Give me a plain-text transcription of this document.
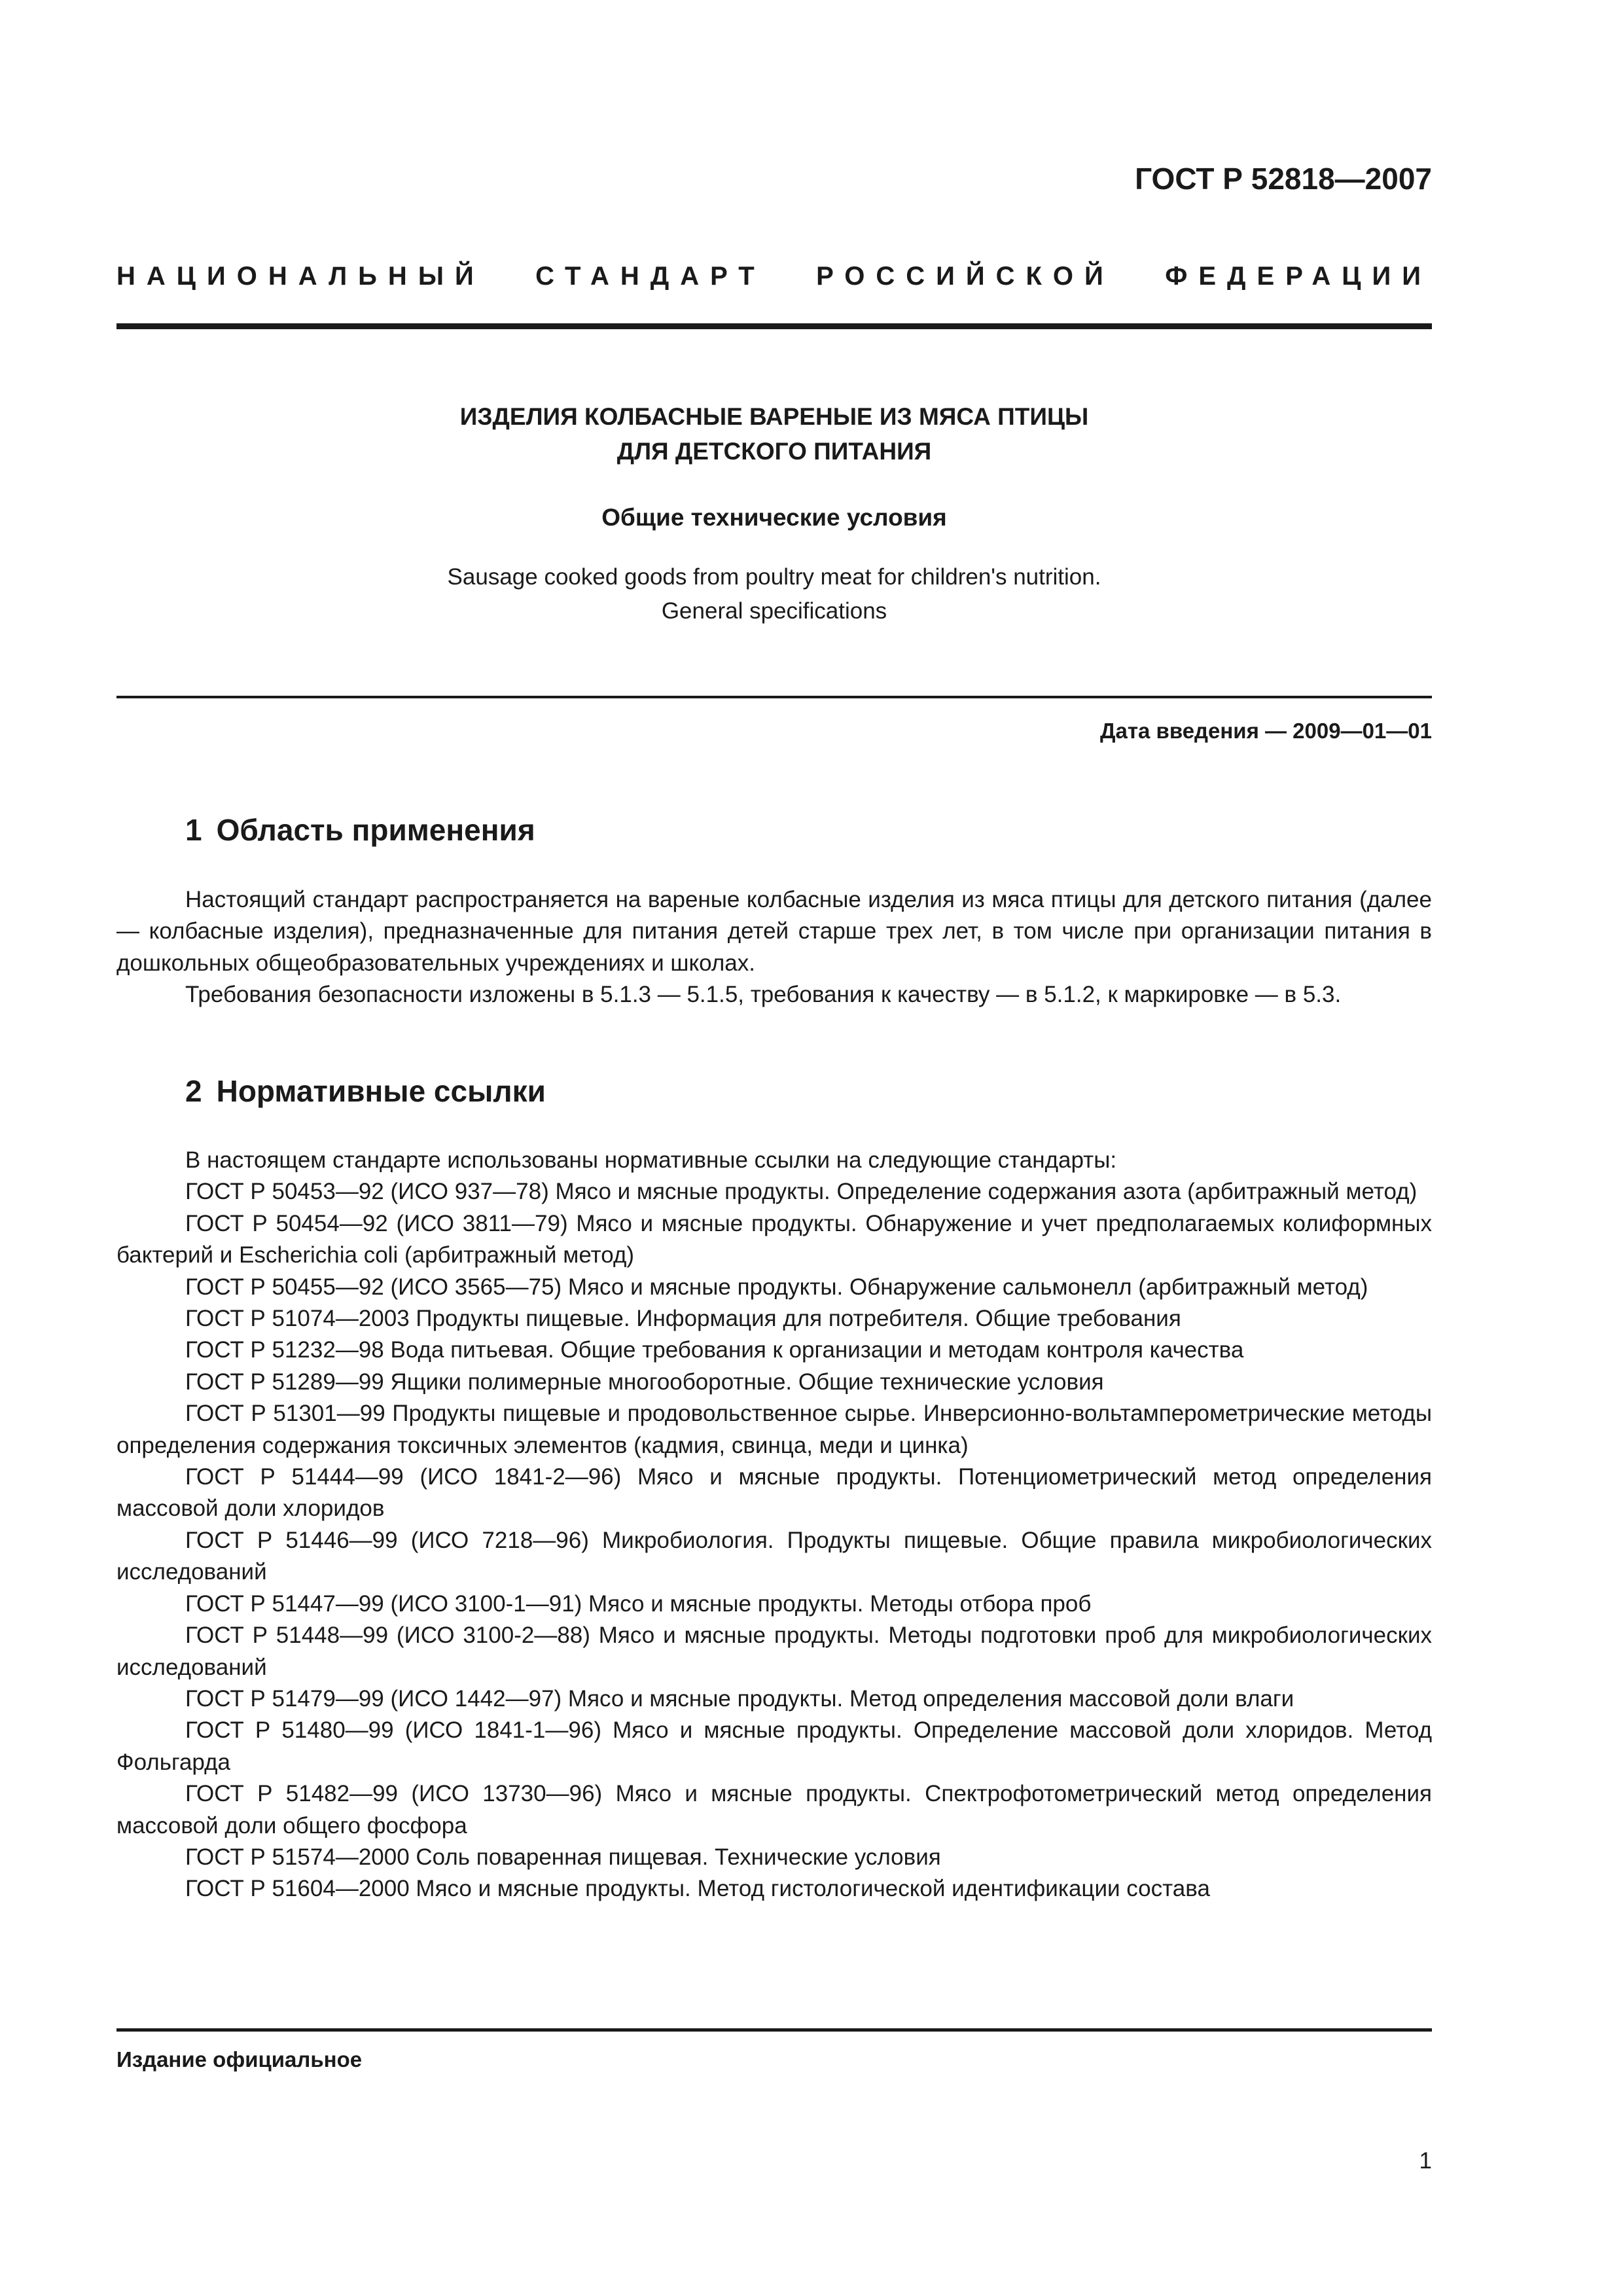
ГОСТ Р 52818—2007
НАЦИОНАЛЬНЫЙ СТАНДАРТ РОССИЙСКОЙ ФЕДЕРАЦИИ
ИЗДЕЛИЯ КОЛБАСНЫЕ ВАРЕНЫЕ ИЗ МЯСА ПТИЦЫ
ДЛЯ ДЕТСКОГО ПИТАНИЯ
Общие технические условия
Sausage cooked goods from poultry meat for children's nutrition.
General specifications
Дата введения — 2009—01—01
1 Область применения

Настоящий стандарт распространяется на вареные колбасные изделия из мяса птицы для детского питания (далее — колбасные изделия), предназначенные для питания детей старше трех лет, в том числе при организации питания в дошкольных общеобразовательных учреждениях и школах.

Требования безопасности изложены в 5.1.3 — 5.1.5, требования к качеству — в 5.1.2, к маркировке — в 5.3.

2 Нормативные ссылки

В настоящем стандарте использованы нормативные ссылки на следующие стандарты:

ГОСТ Р 50453—92 (ИСО 937—78) Мясо и мясные продукты. Определение содержания азота (арбитражный метод)

ГОСТ Р 50454—92 (ИСО 3811—79) Мясо и мясные продукты. Обнаружение и учет предполагаемых колиформных бактерий и Escherichia coli (арбитражный метод)

ГОСТ Р 50455—92 (ИСО 3565—75) Мясо и мясные продукты. Обнаружение сальмонелл (арбитражный метод)

ГОСТ Р 51074—2003 Продукты пищевые. Информация для потребителя. Общие требования

ГОСТ Р 51232—98 Вода питьевая. Общие требования к организации и методам контроля качества

ГОСТ Р 51289—99 Ящики полимерные многооборотные. Общие технические условия

ГОСТ Р 51301—99 Продукты пищевые и продовольственное сырье. Инверсионно-вольтамперометрические методы определения содержания токсичных элементов (кадмия, свинца, меди и цинка)

ГОСТ Р 51444—99 (ИСО 1841-2—96) Мясо и мясные продукты. Потенциометрический метод определения массовой доли хлоридов

ГОСТ Р 51446—99 (ИСО 7218—96) Микробиология. Продукты пищевые. Общие правила микробиологических исследований

ГОСТ Р 51447—99 (ИСО 3100-1—91) Мясо и мясные продукты. Методы отбора проб

ГОСТ Р 51448—99 (ИСО 3100-2—88) Мясо и мясные продукты. Методы подготовки проб для микробиологических исследований

ГОСТ Р 51479—99 (ИСО 1442—97) Мясо и мясные продукты. Метод определения массовой доли влаги

ГОСТ Р 51480—99 (ИСО 1841-1—96) Мясо и мясные продукты. Определение массовой доли хлоридов. Метод Фольгарда

ГОСТ Р 51482—99 (ИСО 13730—96) Мясо и мясные продукты. Спектрофотометрический метод определения массовой доли общего фосфора

ГОСТ Р 51574—2000 Соль поваренная пищевая. Технические условия

ГОСТ Р 51604—2000 Мясо и мясные продукты. Метод гистологической идентификации состава

Издание официальное
1
